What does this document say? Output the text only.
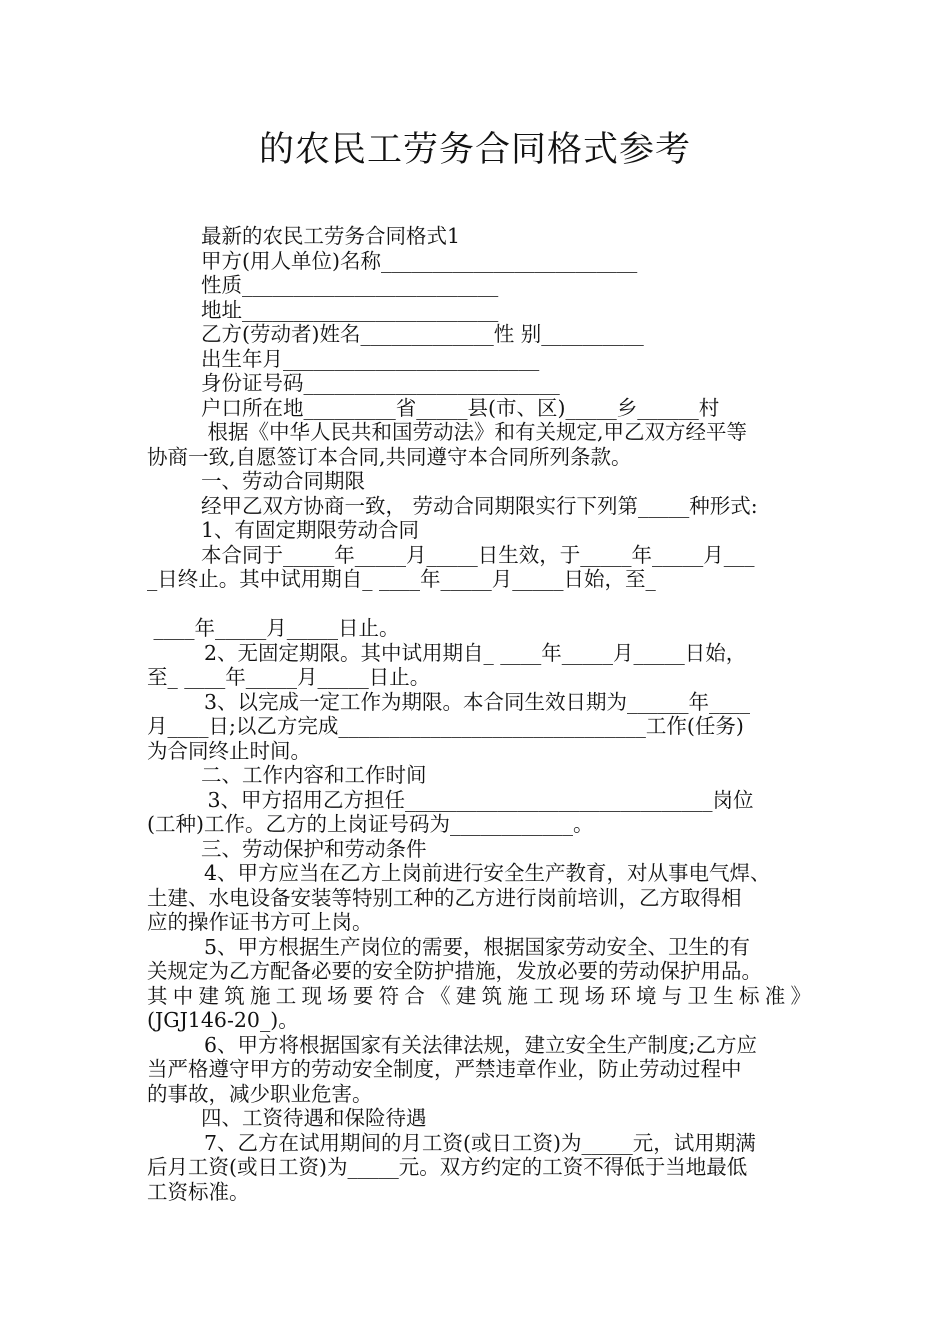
的农民工劳务合同格式参考
最新的农民工劳务合同格式1
甲方(用人单位)名称_________________________
性质_________________________
地址_________________________
乙方(劳动者)姓名_____________性 别__________
出生年月_________________________
身份证号码_________________________
户口所在地_________省_____县(市、区)_____乡______村
根据《中华人民共和国劳动法》和有关规定,甲乙双方经平等
协商一致,自愿签订本合同,共同遵守本合同所列条款。
一、劳动合同期限
经甲乙双方协商一致， 劳动合同期限实行下列第_____种形式:
1、有固定期限劳动合同
本合同于_____年_____月_____日生效，于_____年_____月___
_日终止。其中试用期自_ ____年_____月_____日始，至_
____年_____月_____日止。
2、无固定期限。其中试用期自_ ____年_____月_____日始，
至_ ____年_____月_____日止。
3、以完成一定工作为期限。本合同生效日期为______年____
月____日;以乙方完成______________________________工作(任务)
为合同终止时间。
二、工作内容和工作时间
3、甲方招用乙方担任______________________________岗位
(工种)工作。乙方的上岗证号码为____________。
三、劳动保护和劳动条件
4、甲方应当在乙方上岗前进行安全生产教育，对从事电气焊、
土建、水电设备安装等特别工种的乙方进行岗前培训，乙方取得相
应的操作证书方可上岗。
5、甲方根据生产岗位的需要，根据国家劳动安全、卫生的有
关规定为乙方配备必要的安全防护措施，发放必要的劳动保护用品。
其中建筑施工现场要符合《建筑施工现场环境与卫生标准》
(JGJ146-20_)。
6、甲方将根据国家有关法律法规，建立安全生产制度;乙方应
当严格遵守甲方的劳动安全制度，严禁违章作业，防止劳动过程中
的事故，减少职业危害。
四、工资待遇和保险待遇
7、乙方在试用期间的月工资(或日工资)为_____元，试用期满
后月工资(或日工资)为_____元。双方约定的工资不得低于当地最低
工资标准。
